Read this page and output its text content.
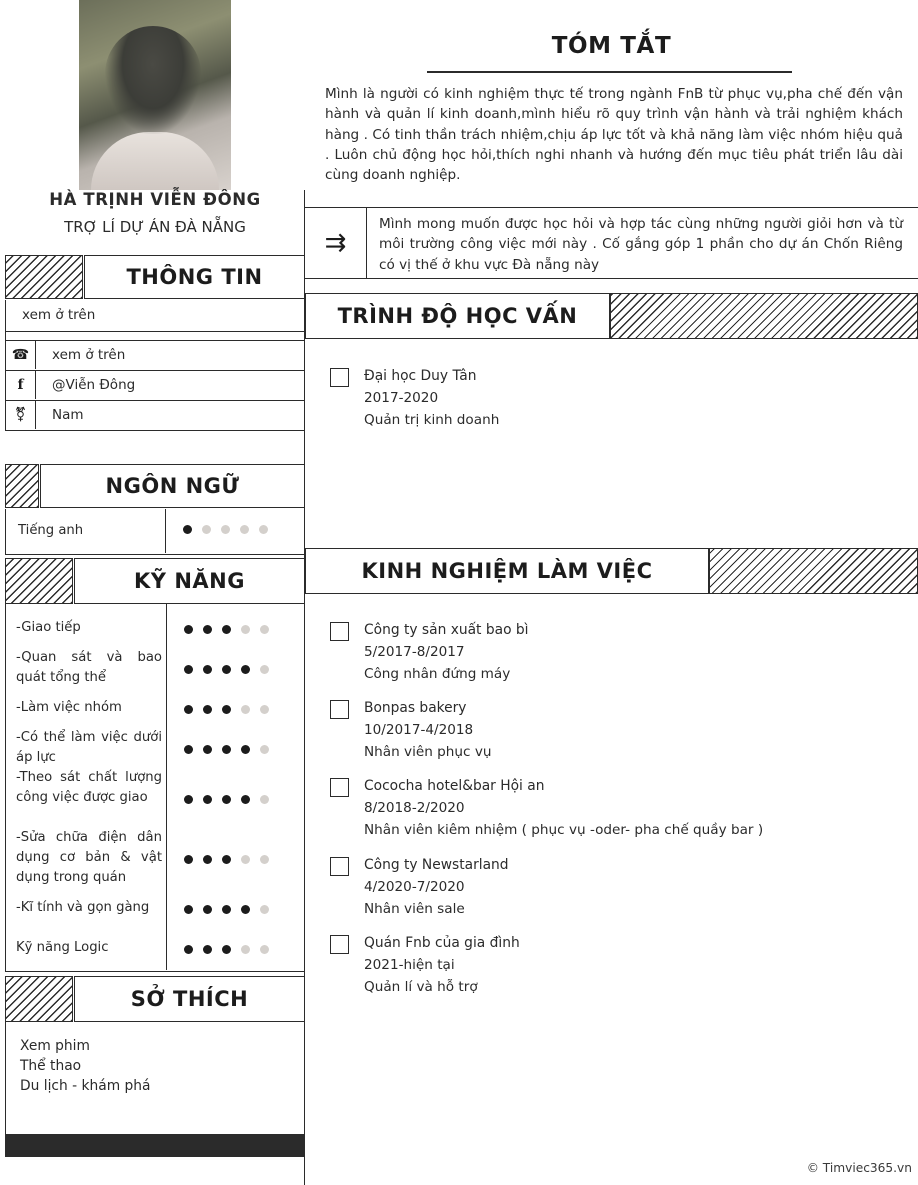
HÀ TRỊNH VIỄN ĐÔNG
TRỢ LÍ DỰ ÁN ĐÀ NẴNG
THÔNG TIN
xem ở trên
☎	xem ở trên
f	@Viễn Đông
⚧	Nam
NGÔN NGỮ
Tiếng anh
KỸ NĂNG
-Giao tiếp
-Quan sát và bao quát tổng thể
-Làm việc nhóm
-Có thể làm việc dưới áp lực
-Theo sát chất lượng công việc được giao
-Sửa chữa điện dân dụng cơ bản & vật dụng trong quán
-Kĩ tính và gọn gàng
Kỹ năng Logic
SỞ THÍCH
Xem phim
Thể thao
Du lịch - khám phá
TÓM TẮT
Mình là người có kinh nghiệm thực tế trong ngành FnB từ phục vụ,pha chế đến vận hành và quản lí kinh doanh,mình hiểu rõ quy trình vận hành và trải nghiệm khách hàng . Có tinh thần trách nhiệm,chịu áp lực tốt và khả năng làm việc nhóm hiệu quả . Luôn chủ động học hỏi,thích nghi nhanh và hướng đến mục tiêu phát triển lâu dài cùng doanh nghiệp.
⇉
Mình mong muốn được học hỏi và hợp tác cùng những người giỏi hơn và từ môi trường công việc mới này . Cố gắng góp 1 phần cho dự án Chốn Riêng có vị thế ở khu vực Đà nẵng này
TRÌNH ĐỘ HỌC VẤN
Đại học Duy Tân
2017-2020
Quản trị kinh doanh
KINH NGHIỆM LÀM VIỆC
Công ty sản xuất bao bì
5/2017-8/2017
Công nhân đứng máy
Bonpas bakery
10/2017-4/2018
Nhân viên phục vụ
Cococha hotel&bar Hội an
8/2018-2/2020
Nhân viên kiêm nhiệm ( phục vụ -oder- pha chế quầy bar )
Công ty Newstarland
4/2020-7/2020
Nhân viên sale
Quán Fnb của gia đình
2021-hiện tại
Quản lí và hỗ trợ
© Timviec365.vn
